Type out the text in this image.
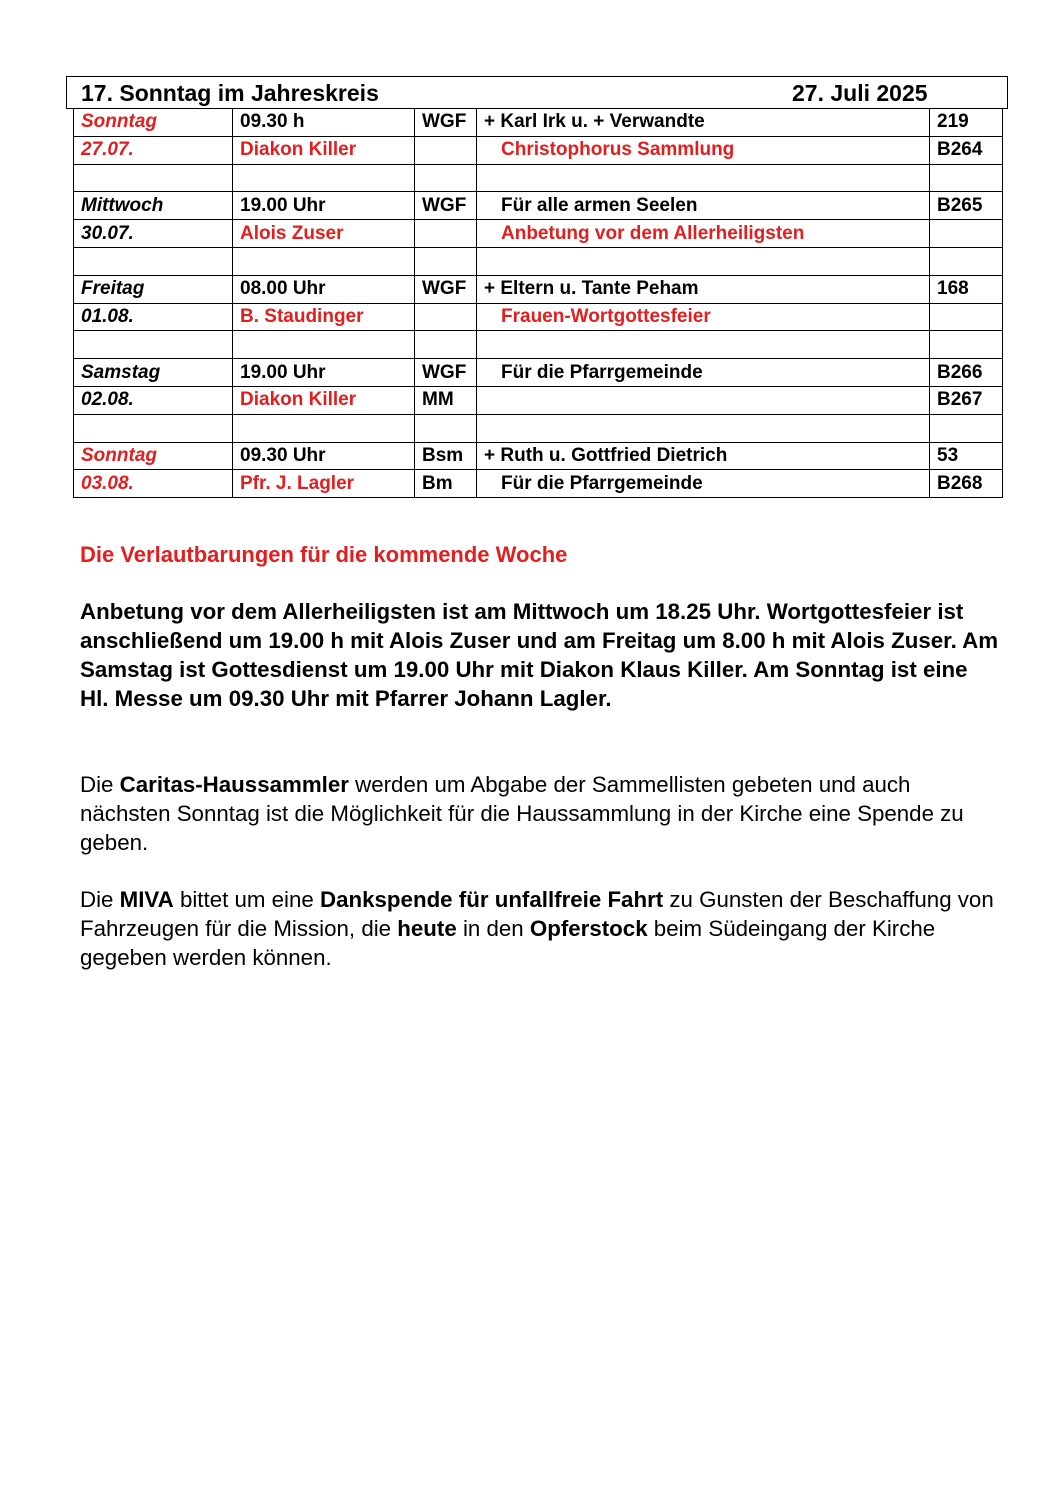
17. Sonntag im Jahreskreis	27. Juli 2025
Sonntag	09.30 h	WGF	+ Karl Irk u. + Verwandte	219
27.07.	Diakon Killer		Christophorus Sammlung	B264

Mittwoch	19.00 Uhr	WGF	Für alle armen Seelen	B265
30.07.	Alois Zuser		Anbetung vor dem Allerheiligsten	

Freitag	08.00 Uhr	WGF	+ Eltern u. Tante Peham	168
01.08.	B. Staudinger		Frauen-Wortgottesfeier	

Samstag	19.00 Uhr	WGF	Für die Pfarrgemeinde	B266
02.08.	Diakon Killer	MM		B267

Sonntag	09.30 Uhr	Bsm	+ Ruth u. Gottfried Dietrich	53
03.08.	Pfr. J. Lagler	Bm	Für die Pfarrgemeinde	B268
Die Verlautbarungen für die kommende Woche
Anbetung vor dem Allerheiligsten ist am Mittwoch um 18.25 Uhr. Wortgottesfeier ist anschließend um 19.00 h mit Alois Zuser und am Freitag um 8.00 h mit Alois Zuser. Am Samstag ist Gottesdienst um 19.00 Uhr mit Diakon Klaus Killer. Am Sonntag ist eine Hl. Messe um 09.30 Uhr mit Pfarrer Johann Lagler.
Die Caritas-Haussammler werden um Abgabe der Sammellisten gebeten und auch nächsten Sonntag ist die Möglichkeit für die Haussammlung in der Kirche eine Spende zu geben.
Die MIVA bittet um eine Dankspende für unfallfreie Fahrt zu Gunsten der Beschaffung von Fahrzeugen für die Mission, die heute in den Opferstock beim Südeingang der Kirche gegeben werden können.
